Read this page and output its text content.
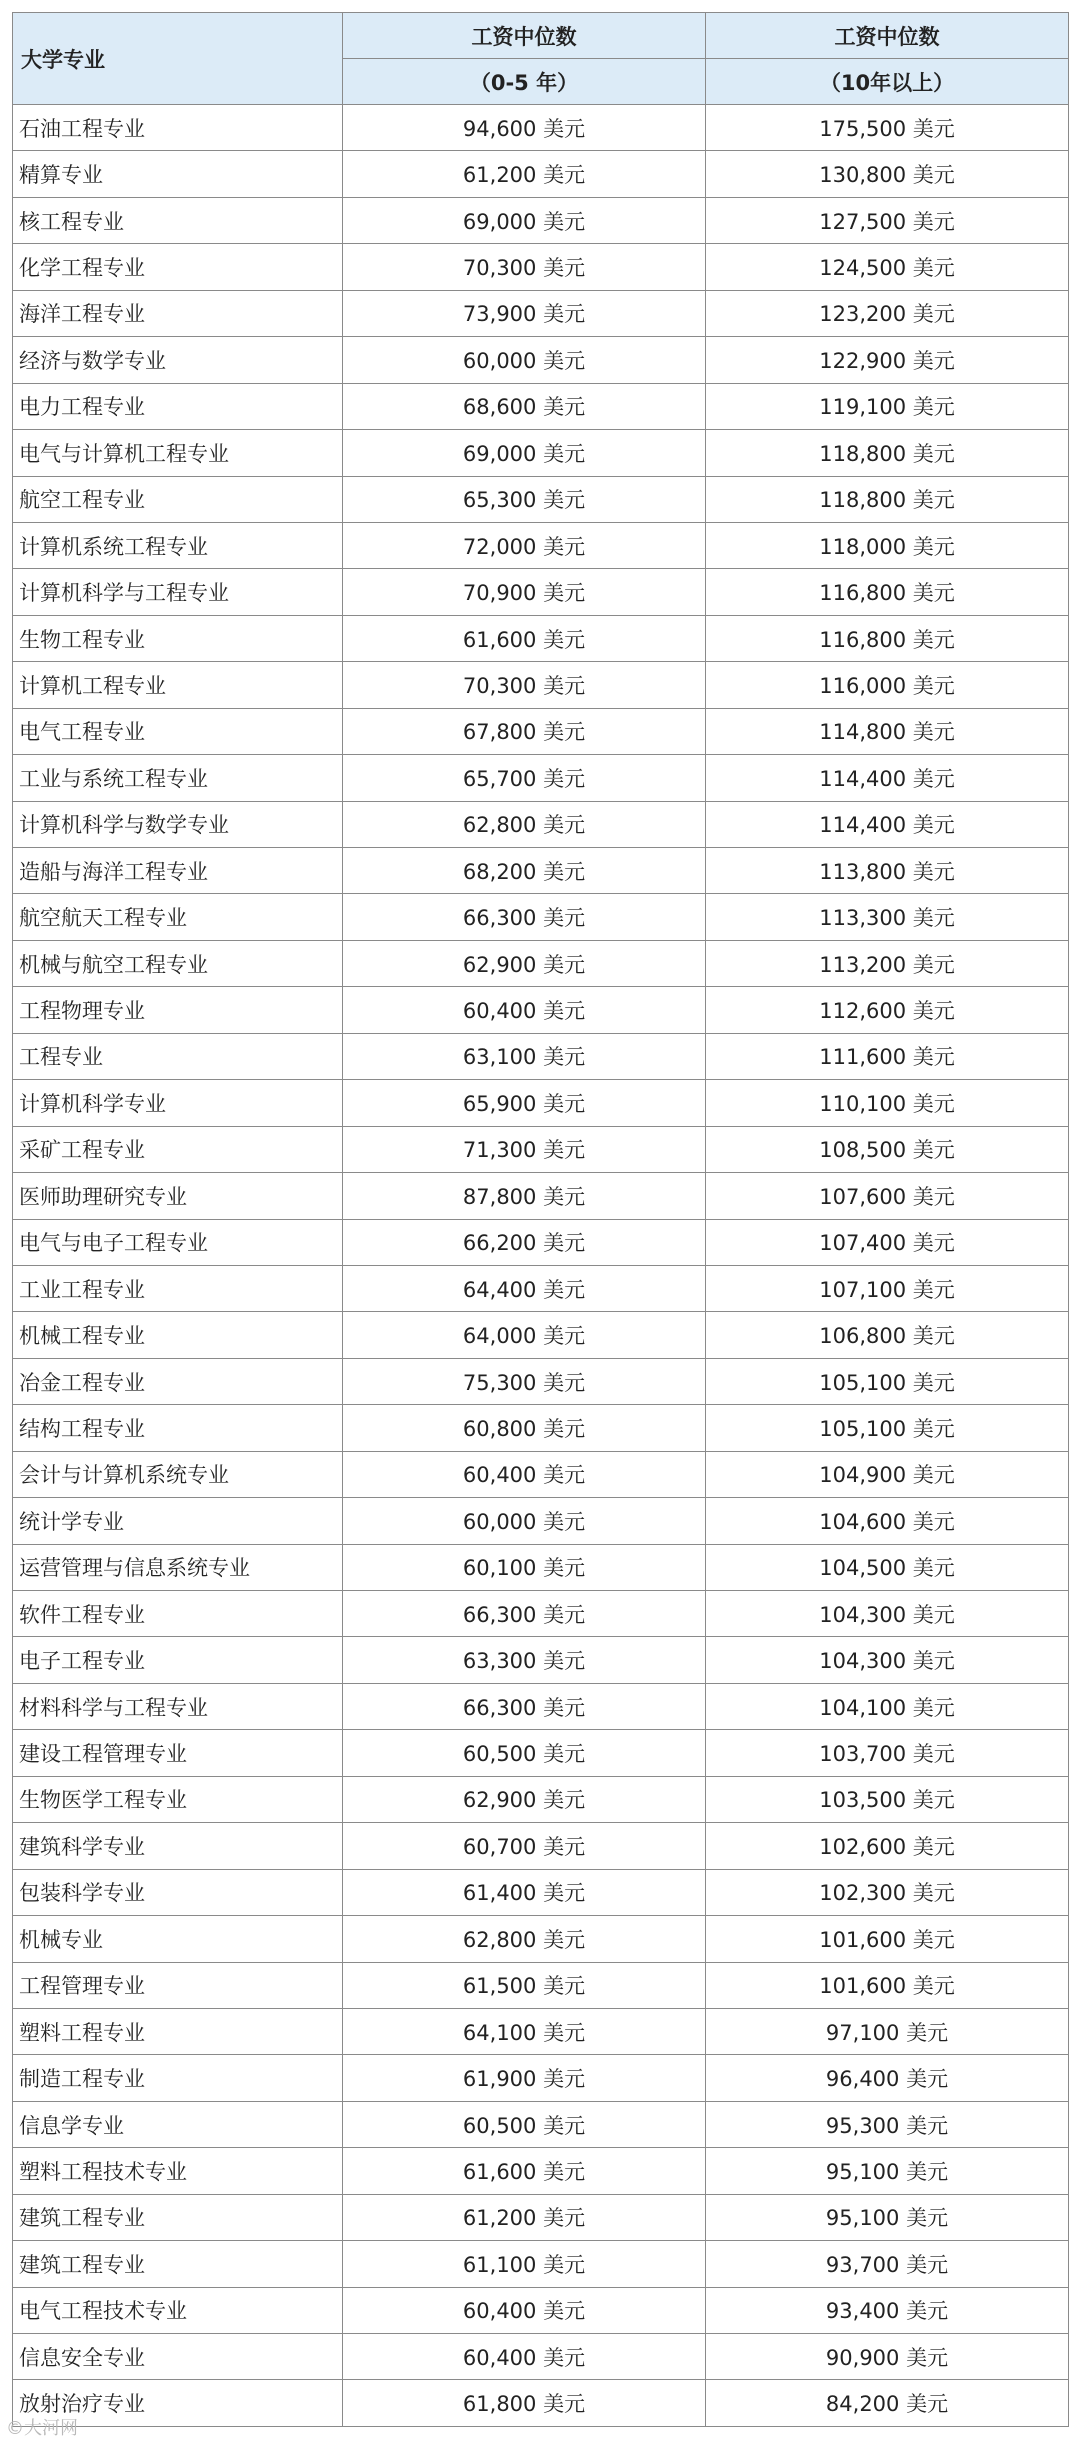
大学专业	工资中位数	工资中位数
	（0-5 年）	（10年以上）
石油工程专业	94,600 美元	175,500 美元
精算专业	61,200 美元	130,800 美元
核工程专业	69,000 美元	127,500 美元
化学工程专业	70,300 美元	124,500 美元
海洋工程专业	73,900 美元	123,200 美元
经济与数学专业	60,000 美元	122,900 美元
电力工程专业	68,600 美元	119,100 美元
电气与计算机工程专业	69,000 美元	118,800 美元
航空工程专业	65,300 美元	118,800 美元
计算机系统工程专业	72,000 美元	118,000 美元
计算机科学与工程专业	70,900 美元	116,800 美元
生物工程专业	61,600 美元	116,800 美元
计算机工程专业	70,300 美元	116,000 美元
电气工程专业	67,800 美元	114,800 美元
工业与系统工程专业	65,700 美元	114,400 美元
计算机科学与数学专业	62,800 美元	114,400 美元
造船与海洋工程专业	68,200 美元	113,800 美元
航空航天工程专业	66,300 美元	113,300 美元
机械与航空工程专业	62,900 美元	113,200 美元
工程物理专业	60,400 美元	112,600 美元
工程专业	63,100 美元	111,600 美元
计算机科学专业	65,900 美元	110,100 美元
采矿工程专业	71,300 美元	108,500 美元
医师助理研究专业	87,800 美元	107,600 美元
电气与电子工程专业	66,200 美元	107,400 美元
工业工程专业	64,400 美元	107,100 美元
机械工程专业	64,000 美元	106,800 美元
冶金工程专业	75,300 美元	105,100 美元
结构工程专业	60,800 美元	105,100 美元
会计与计算机系统专业	60,400 美元	104,900 美元
统计学专业	60,000 美元	104,600 美元
运营管理与信息系统专业	60,100 美元	104,500 美元
软件工程专业	66,300 美元	104,300 美元
电子工程专业	63,300 美元	104,300 美元
材料科学与工程专业	66,300 美元	104,100 美元
建设工程管理专业	60,500 美元	103,700 美元
生物医学工程专业	62,900 美元	103,500 美元
建筑科学专业	60,700 美元	102,600 美元
包装科学专业	61,400 美元	102,300 美元
机械专业	62,800 美元	101,600 美元
工程管理专业	61,500 美元	101,600 美元
塑料工程专业	64,100 美元	97,100 美元
制造工程专业	61,900 美元	96,400 美元
信息学专业	60,500 美元	95,300 美元
塑料工程技术专业	61,600 美元	95,100 美元
建筑工程专业	61,200 美元	95,100 美元
建筑工程专业	61,100 美元	93,700 美元
电气工程技术专业	60,400 美元	93,400 美元
信息安全专业	60,400 美元	90,900 美元
放射治疗专业	61,800 美元	84,200 美元
©大河网
